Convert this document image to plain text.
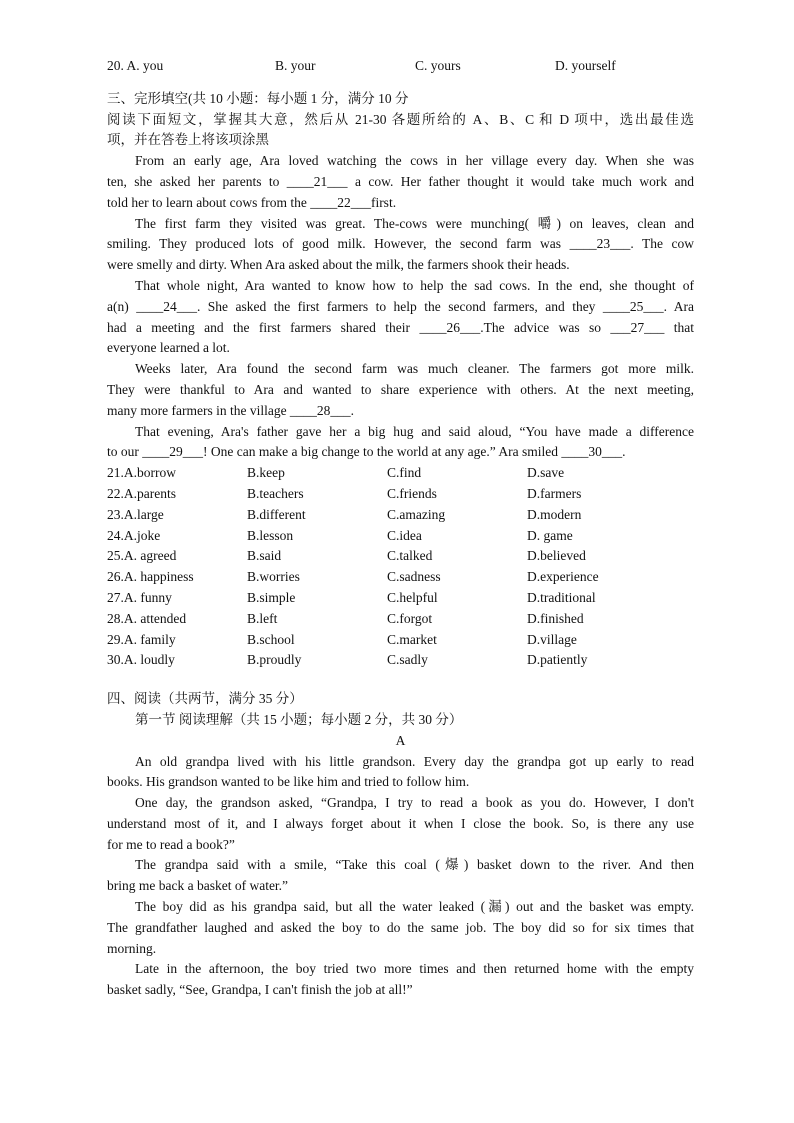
20. A. you	B. your	C. yours	D. yourself
三、完形填空(共 10 小题：每小题 1 分，满分 10 分
阅读下面短文，掌握其大意，然后从 21-30 各题所给的 A、B、C 和 D 项中，选出最佳选
项，并在答卷上将该项涂黑
From an early age, Ara loved watching the cows in her village every day. When she was
ten, she asked her parents to ____21___ a cow. Her father thought it would take much work and
told her to learn about cows from the ____22___first.
The first farm they visited was great. The-cows were munching( 嚼) on leaves, clean and
smiling. They produced lots of good milk. However, the second farm was ____23___. The cow
were smelly and dirty. When Ara asked about the milk, the farmers shook their heads.
That whole night, Ara wanted to know how to help the sad cows. In the end, she thought of
a(n) ____24___. She asked the first farmers to help the second farmers, and they ____25___. Ara
had a meeting and the first farmers shared their ____26___.The advice was so ___27___ that
everyone learned a lot.
Weeks later, Ara found the second farm was much cleaner. The farmers got more milk.
They were thankful to Ara and wanted to share experience with others. At the next meeting,
many more farmers in the village ____28___.
That evening, Ara's father gave her a big hug and said aloud, “You have made a difference
to our ____29___! One can make a big change to the world at any age.” Ara smiled ____30___.
21.A.borrow	B.keep	C.find	D.save
22.A.parents	B.teachers	C.friends	D.farmers
23.A.large	B.different	C.amazing	D.modern
24.A.joke	B.lesson	C.idea	D. game
25.A. agreed	B.said	C.talked	D.believed
26.A. happiness	B.worries	C.sadness	D.experience
27.A. funny	B.simple	C.helpful	D.traditional
28.A. attended	B.left	C.forgot	D.finished
29.A. family	B.school	C.market	D.village
30.A. loudly	B.proudly	C.sadly	D.patiently
四、阅读（共两节，满分 35 分）
第一节 阅读理解（共 15 小题；每小题 2 分，共 30 分）
A
An old grandpa lived with his little grandson. Every day the grandpa got up early to read
books. His grandson wanted to be like him and tried to follow him.
One day, the grandson asked, “Grandpa, I try to read a book as you do. However, I don't
understand most of it, and I always forget about it when I close the book. So, is there any use
for me to read a book?”
The grandpa said with a smile, “Take this coal (爆) basket down to the river. And then
bring me back a basket of water.”
The boy did as his grandpa said, but all the water leaked (漏) out and the basket was empty.
The grandfather laughed and asked the boy to do the same job. The boy did so for six times that
morning.
Late in the afternoon, the boy tried two more times and then returned home with the empty
basket sadly, “See, Grandpa, I can't finish the job at all!”
